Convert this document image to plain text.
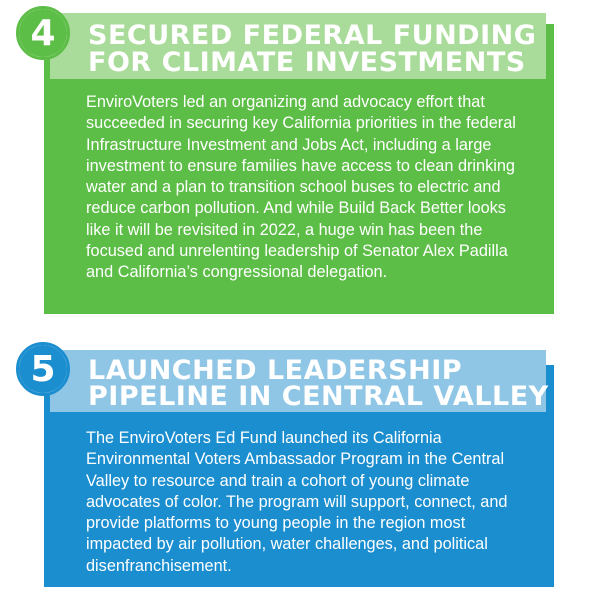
SECURED FEDERAL FUNDING
FOR CLIMATE INVESTMENTS
4
EnviroVoters led an organizing and advocacy effort that succeeded in securing key California priorities in the federal Infrastructure Investment and Jobs Act, including a large investment to ensure families have access to clean drinking water and a plan to transition school buses to electric and reduce carbon pollution. And while Build Back Better looks like it will be revisited in 2022, a huge win has been the focused and unrelenting leadership of Senator Alex Padilla and California’s congressional delegation.
LAUNCHED LEADERSHIP
PIPELINE IN CENTRAL VALLEY
5
The EnviroVoters Ed Fund launched its California Environmental Voters Ambassador Program in the Central Valley to resource and train a cohort of young climate advocates of color. The program will support, connect, and provide platforms to young people in the region most impacted by air pollution, water challenges, and political disenfranchisement.
